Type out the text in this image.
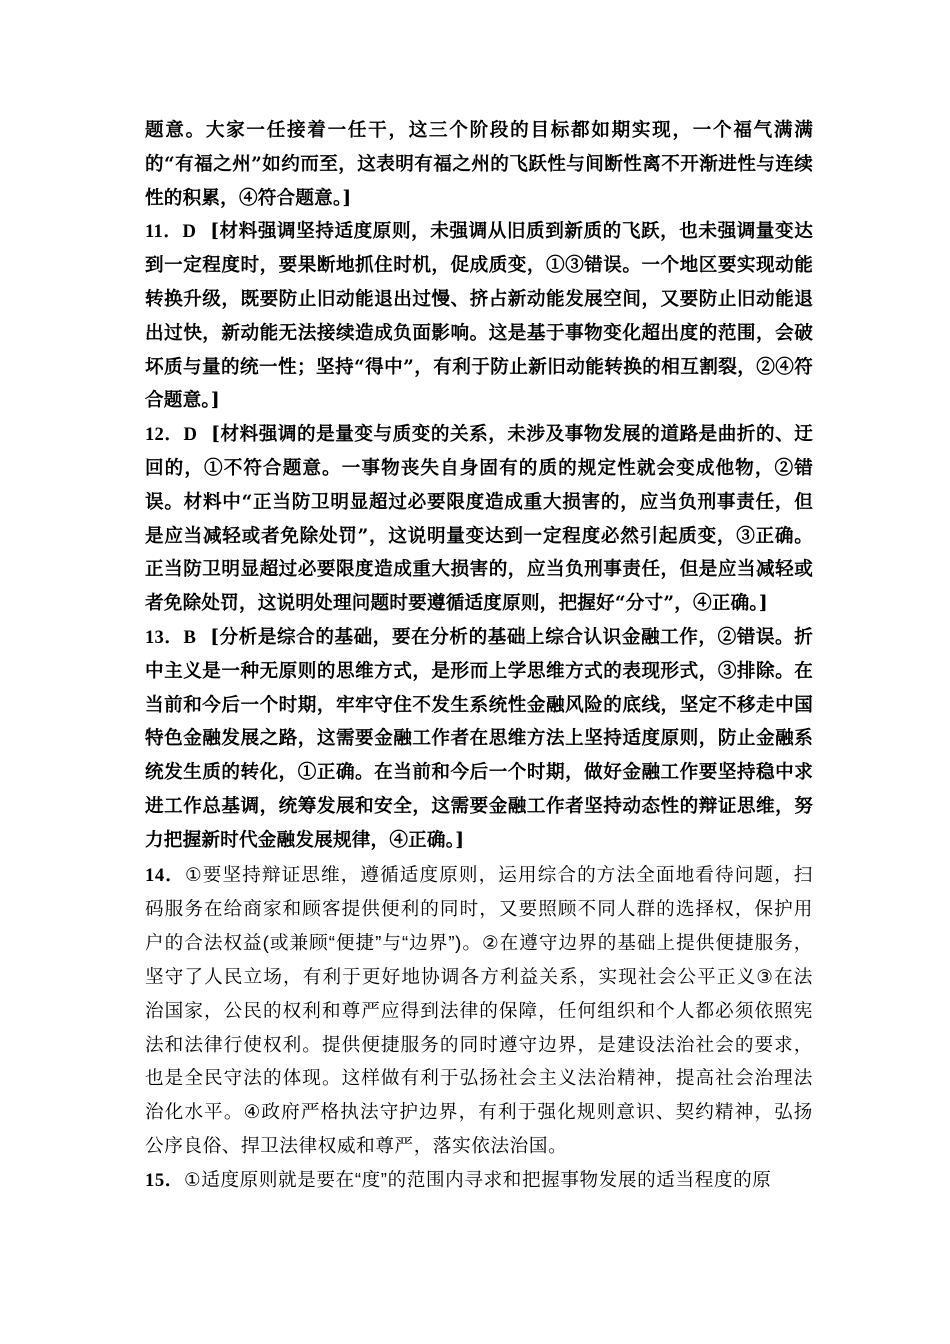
题意。大家一任接着一任干，这三个阶段的目标都如期实现，一个福气满满的“有福之州”如约而至，这表明有福之州的飞跃性与间断性离不开渐进性与连续性的积累，④符合题意。]

11．D [材料强调坚持适度原则，未强调从旧质到新质的飞跃，也未强调量变达到一定程度时，要果断地抓住时机，促成质变，①③错误。一个地区要实现动能转换升级，既要防止旧动能退出过慢、挤占新动能发展空间，又要防止旧动能退出过快，新动能无法接续造成负面影响。这是基于事物变化超出度的范围，会破坏质与量的统一性；坚持“得中”，有利于防止新旧动能转换的相互割裂，②④符合题意。]

12．D [材料强调的是量变与质变的关系，未涉及事物发展的道路是曲折的、迂回的，①不符合题意。一事物丧失自身固有的质的规定性就会变成他物，②错误。材料中“正当防卫明显超过必要限度造成重大损害的，应当负刑事责任，但是应当减轻或者免除处罚”，这说明量变达到一定程度必然引起质变，③正确。正当防卫明显超过必要限度造成重大损害的，应当负刑事责任，但是应当减轻或者免除处罚，这说明处理问题时要遵循适度原则，把握好“分寸”，④正确。]

13．B [分析是综合的基础，要在分析的基础上综合认识金融工作，②错误。折中主义是一种无原则的思维方式，是形而上学思维方式的表现形式，③排除。在当前和今后一个时期，牢牢守住不发生系统性金融风险的底线，坚定不移走中国特色金融发展之路，这需要金融工作者在思维方法上坚持适度原则，防止金融系统发生质的转化，①正确。在当前和今后一个时期，做好金融工作要坚持稳中求进工作总基调，统筹发展和安全，这需要金融工作者坚持动态性的辩证思维，努力把握新时代金融发展规律，④正确。]

14．①要坚持辩证思维，遵循适度原则，运用综合的方法全面地看待问题，扫码服务在给商家和顾客提供便利的同时，又要照顾不同人群的选择权，保护用户的合法权益(或兼顾“便捷”与“边界”)。②在遵守边界的基础上提供便捷服务，坚守了人民立场，有利于更好地协调各方利益关系，实现社会公平正义③在法治国家，公民的权利和尊严应得到法律的保障，任何组织和个人都必须依照宪法和法律行使权利。提供便捷服务的同时遵守边界，是建设法治社会的要求，也是全民守法的体现。这样做有利于弘扬社会主义法治精神，提高社会治理法治化水平。④政府严格执法守护边界，有利于强化规则意识、契约精神，弘扬公序良俗、捍卫法律权威和尊严，落实依法治国。

15．①适度原则就是要在“度”的范围内寻求和把握事物发展的适当程度的原
